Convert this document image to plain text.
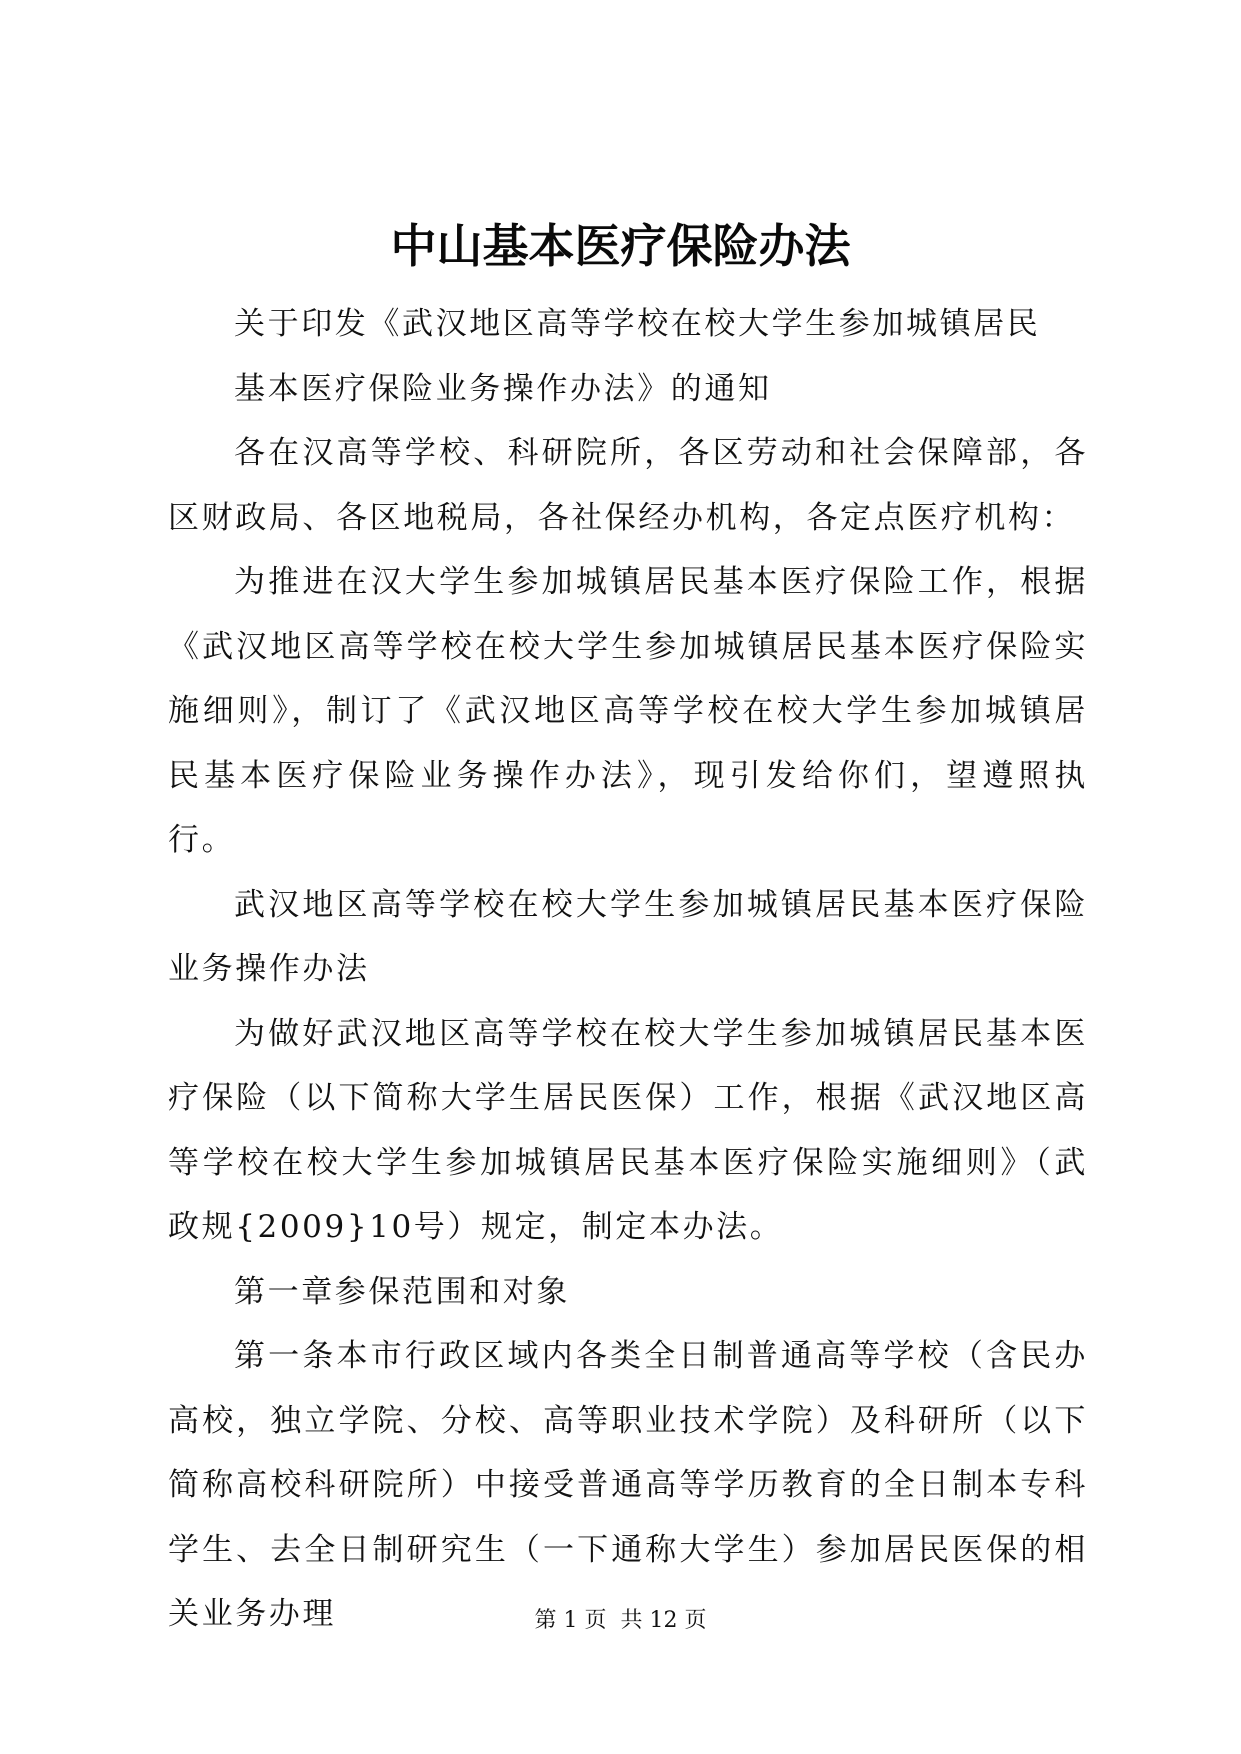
中山基本医疗保险办法

关于印发《武汉地区高等学校在校大学生参加城镇居民

基本医疗保险业务操作办法》的通知

各在汉高等学校、科研院所，各区劳动和社会保障部，各区财政局、各区地税局，各社保经办机构，各定点医疗机构：

为推进在汉大学生参加城镇居民基本医疗保险工作，根据《武汉地区高等学校在校大学生参加城镇居民基本医疗保险实施细则》，制订了《武汉地区高等学校在校大学生参加城镇居民基本医疗保险业务操作办法》，现引发给你们，望遵照执行。

武汉地区高等学校在校大学生参加城镇居民基本医疗保险业务操作办法

为做好武汉地区高等学校在校大学生参加城镇居民基本医疗保险（以下简称大学生居民医保）工作，根据《武汉地区高等学校在校大学生参加城镇居民基本医疗保险实施细则》（武政规{2009}10号）规定，制定本办法。

第一章参保范围和对象

第一条本市行政区域内各类全日制普通高等学校（含民办高校，独立学院、分校、高等职业技术学院）及科研所（以下简称高校科研院所）中接受普通高等学历教育的全日制本专科学生、去全日制研究生（一下通称大学生）参加居民医保的相关业务办理	第 1 页  共 12 页
